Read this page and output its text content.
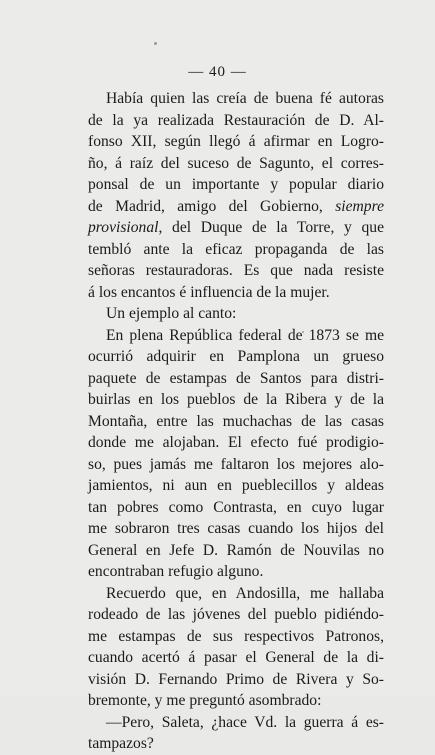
— 40 —
Había quien las creía de buena fé autoras
de la ya realizada Restauración de D. Al-
fonso XII, según llegó á afirmar en Logro-
ño, á raíz del suceso de Sagunto, el corres-
ponsal de un importante y popular diario
de Madrid, amigo del Gobierno, siempre
provisional, del Duque de la Torre, y que
tembló ante la eficaz propaganda de las
señoras restauradoras. Es que nada resiste
á los encantos é influencia de la mujer.
Un ejemplo al canto:
En plena República federal de 1873 se me
ocurrió adquirir en Pamplona un grueso
paquete de estampas de Santos para distri-
buirlas en los pueblos de la Ribera y de la
Montaña, entre las muchachas de las casas
donde me alojaban. El efecto fué prodigio-
so, pues jamás me faltaron los mejores alo-
jamientos, ni aun en pueblecillos y aldeas
tan pobres como Contrasta, en cuyo lugar
me sobraron tres casas cuando los hijos del
General en Jefe D. Ramón de Nouvilas no
encontraban refugio alguno.
Recuerdo que, en Andosilla, me hallaba
rodeado de las jóvenes del pueblo pidiéndo-
me estampas de sus respectivos Patronos,
cuando acertó á pasar el General de la di-
visión D. Fernando Primo de Rivera y So-
bremonte, y me preguntó asombrado:
—Pero, Saleta, ¿hace Vd. la guerra á es-
tampazos?
